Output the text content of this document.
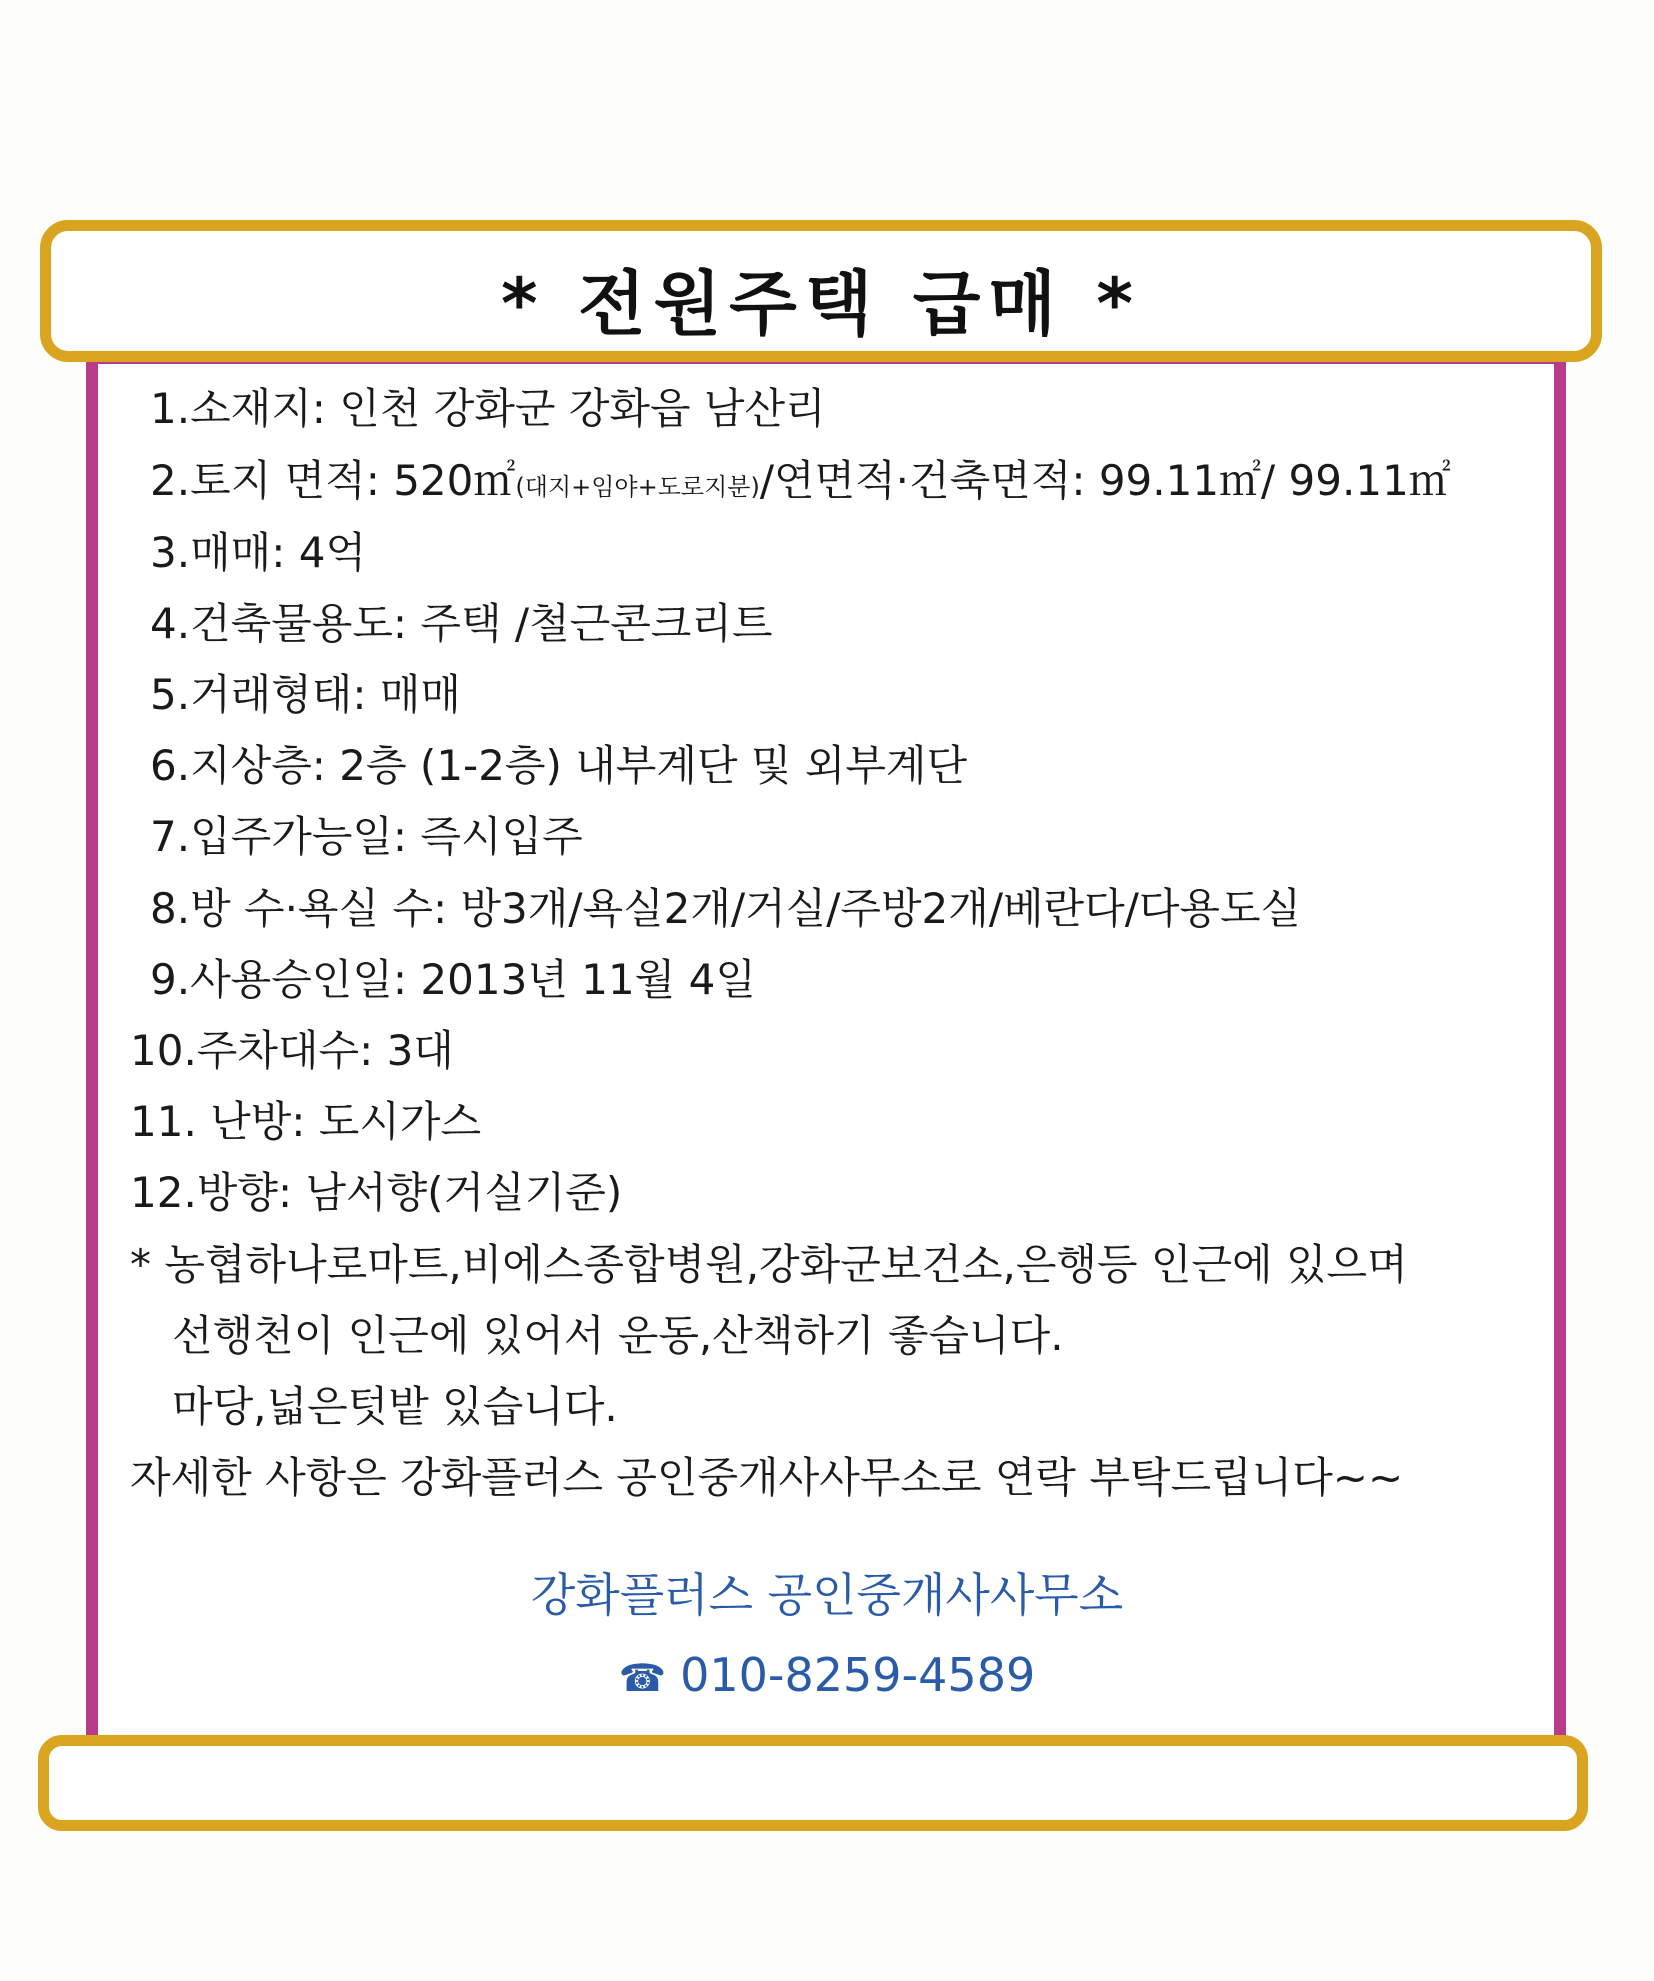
* 전원주택 급매 *
1.소재지: 인천 강화군 강화읍 남산리
2.토지 면적: 520㎡(대지+임야+도로지분)/연면적·건축면적: 99.11㎡/ 99.11㎡
3.매매: 4억
4.건축물용도: 주택 /철근콘크리트
5.거래형태: 매매
6.지상층: 2층 (1-2층) 내부계단 및 외부계단
7.입주가능일: 즉시입주
8.방 수·욕실 수: 방3개/욕실2개/거실/주방2개/베란다/다용도실
9.사용승인일: 2013년 11월 4일
10.주차대수: 3대
11. 난방: 도시가스
12.방향: 남서향(거실기준)
* 농협하나로마트,비에스종합병원,강화군보건소,은행등 인근에 있으며
선행천이 인근에 있어서 운동,산책하기 좋습니다.
마당,넓은텃밭 있습니다.
자세한 사항은 강화플러스 공인중개사사무소로 연락 부탁드립니다~~
강화플러스 공인중개사사무소
☎ 010-8259-4589
